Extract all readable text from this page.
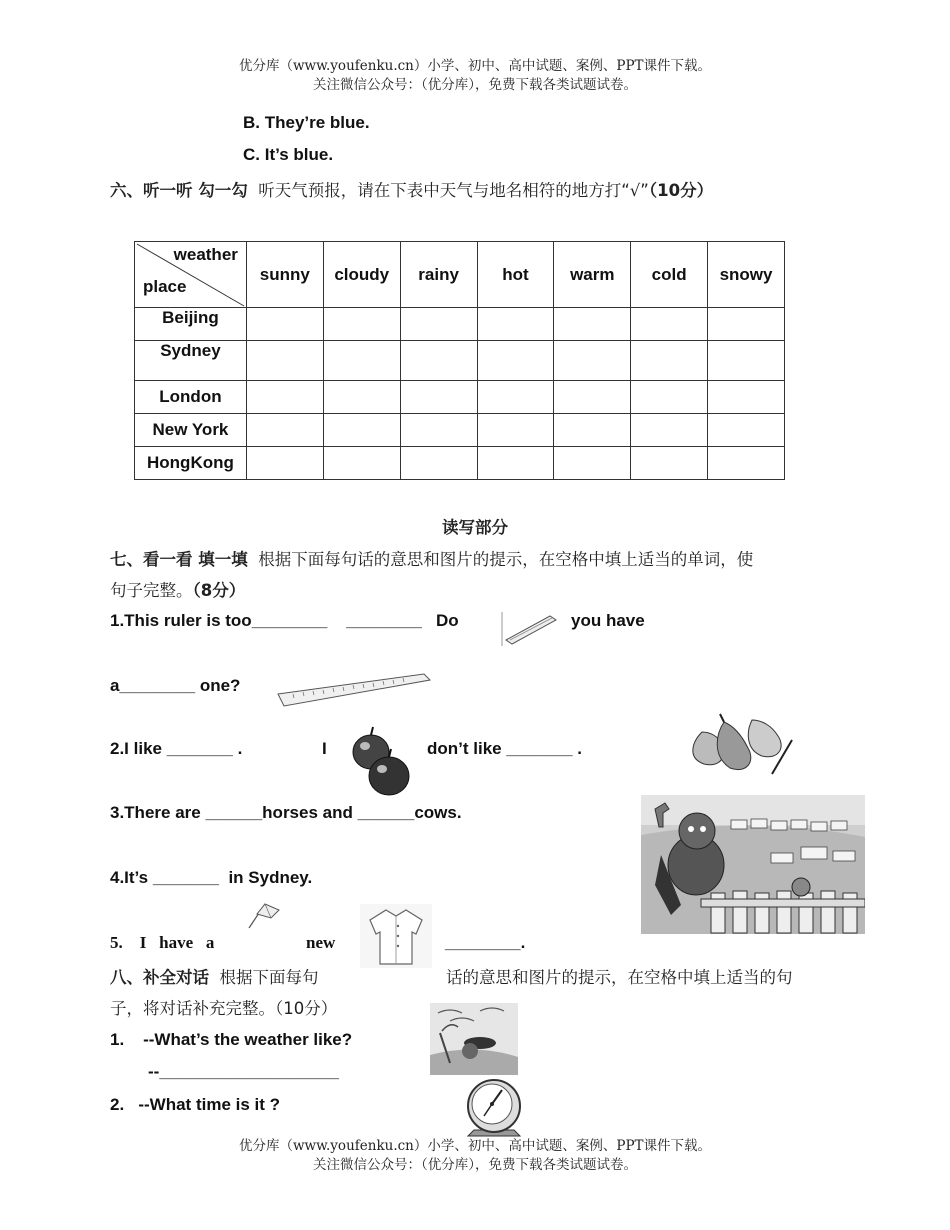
优分库（www.youfenku.cn）小学、初中、高中试题、案例、PPT课件下载。
关注微信公众号：（优分库），免费下载各类试题试卷。
B. They’re blue.
C. It’s blue.
六、听一听 勾一勾 听天气预报，请在下表中天气与地名相符的地方打“√”（10分）
weather
place	sunny	cloudy	rainy	hot	warm	cold	snowy
Beijing							
Sydney							
London							
New York							
HongKong							
读写部分
七、看一看 填一填 根据下面每句话的意思和图片的提示，在空格中填上适当的单词，使
句子完整。（8分）
1.This ruler is too________    ________   Do	you have
a________ one?
2.I like _______ .	I	don’t like _______ .
3.There are ______horses and ______cows.
4.It’s _______  in Sydney.
5.    I   have   a	new	________.
八、补全对话 根据下面每句	话的意思和图片的提示，在空格中填上适当的句
子，将对话补充完整。（10分）
1.    --What’s the weather like?
--___________________
2.   --What time is it ?
优分库（www.youfenku.cn）小学、初中、高中试题、案例、PPT课件下载。
关注微信公众号：（优分库），免费下载各类试题试卷。
